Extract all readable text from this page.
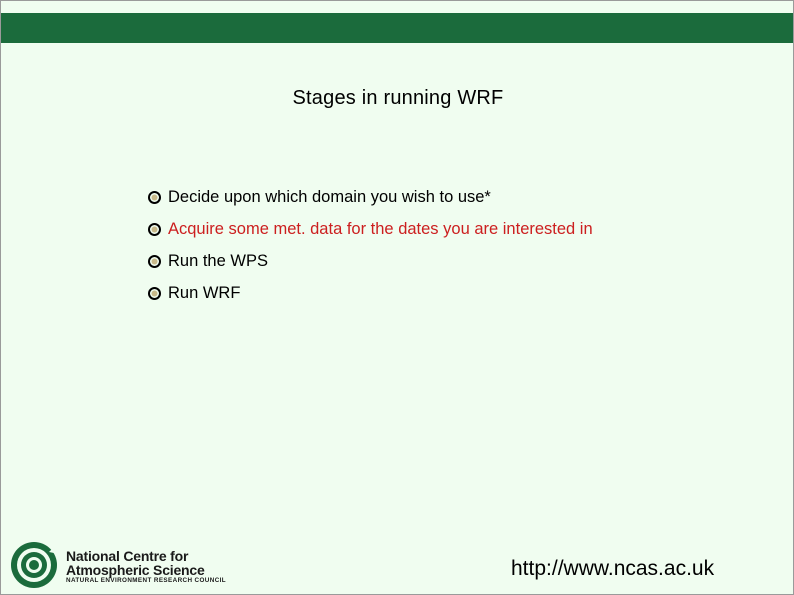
Stages in running WRF
Decide upon which domain you wish to use*
Acquire some met. data for the dates you are interested in
Run the WPS
Run WRF
National Centre for
Atmospheric Science
NATURAL ENVIRONMENT RESEARCH COUNCIL
http://www.ncas.ac.uk
